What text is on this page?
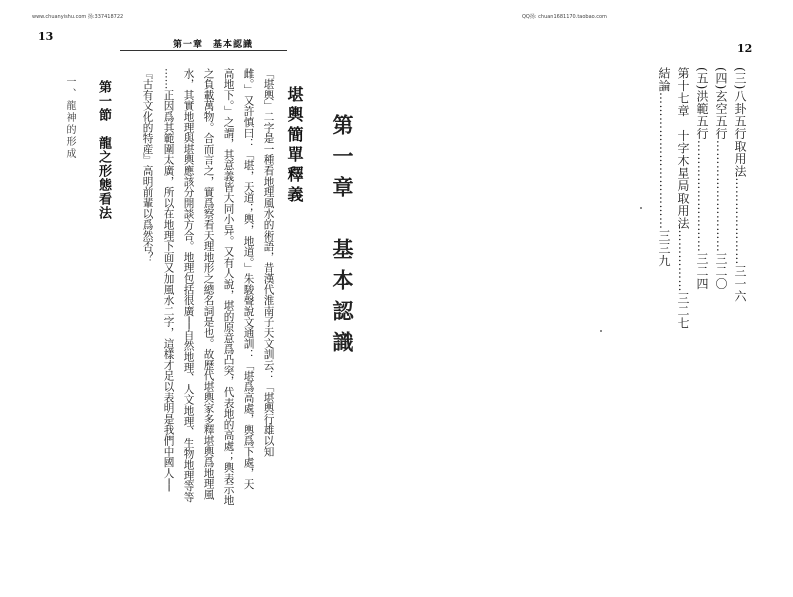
www.chuanyishu.com 扬:337418722	QQ扬: chuan1681170.taobao.com
13
第一章　基本認識
第一章　基本認識
堪輿簡單釋義
「堪輿」二字是一種看地理風水的術語，昔漢代淮南子天文訓云：「堪輿行雄以知
雌。」又許慎曰：「堪，天道；輿，地道。」朱駿聲說文通訓：「堪爲高處，輿爲下處，天
高地下。」之謂，其意義皆大同小异。又有人說，堪的原意爲凸突，代表地的高處；輿表示地
之負載萬物。合而言之，實爲察看天理地形之總名詞是也。故歷代堪輿家多釋堪輿爲地理風
水，其實地理與堪輿應該分開談方合。地理包括很廣──自然地理、人文地理、生物地理等等
……正因爲其範圍太廣，所以在地理下面又加風水二字，這樣才足以表明是我們中國人──
『古有文化的特産』高明前輩以爲然否？
第一節　龍之形態看法
一、龍神的形成
12
(三)八卦五行取用法…………………三一六
(四)玄空五行………………………三二〇
(五)洪範五行………………………三二四
第十七章　十字木星局取用法……………三二七
結論……………………………三三九
